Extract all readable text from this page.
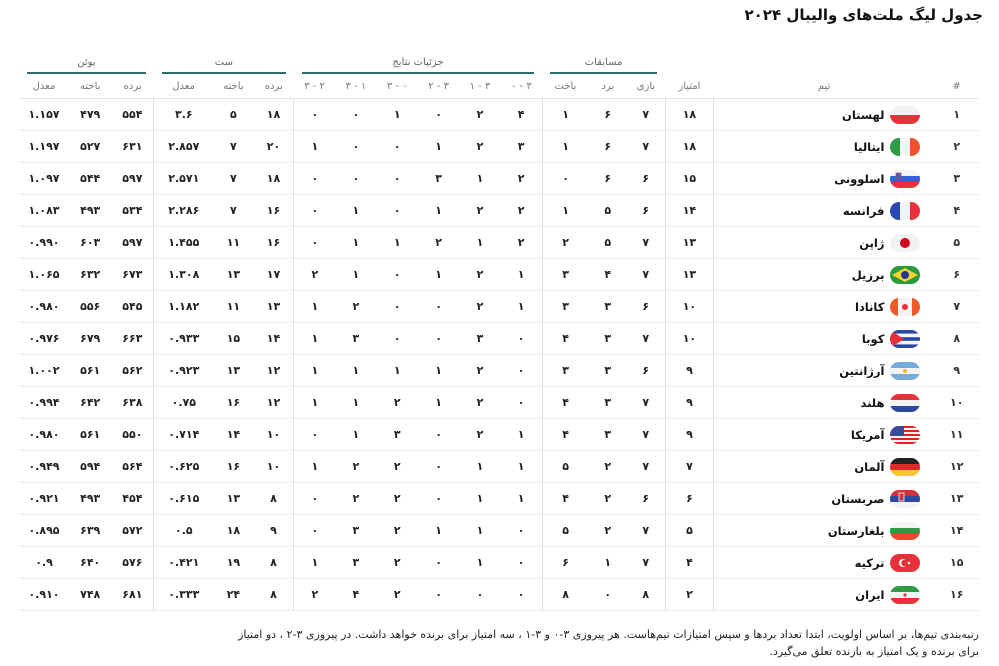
جدول لیگ ملت‌های والیبال ۲۰۲۴

			مسابقات			جزئیات نتایج						ست			پوئن		

#	تیم	امتیاز	بازی	برد	باخت	۰ - ۳	۱ - ۳	۲ - ۳	۳ - ۰	۳ - ۱	۳ - ۲	برده	باخته	معدل	برده	باخته	معدل
۱	لهستان	۱۸	۷	۶	۱	۴	۲	۰	۱	۰	۰	۱۸	۵	۳.۶	۵۵۴	۴۷۹	۱.۱۵۷
۲	ایتالیا	۱۸	۷	۶	۱	۳	۲	۱	۰	۰	۱	۲۰	۷	۲.۸۵۷	۶۳۱	۵۲۷	۱.۱۹۷
۳	اسلوونی	۱۵	۶	۶	۰	۲	۱	۳	۰	۰	۰	۱۸	۷	۲.۵۷۱	۵۹۷	۵۴۴	۱.۰۹۷
۴	فرانسه	۱۴	۶	۵	۱	۲	۲	۱	۰	۱	۰	۱۶	۷	۲.۲۸۶	۵۳۴	۴۹۳	۱.۰۸۳
۵	ژاپن	۱۳	۷	۵	۲	۲	۱	۲	۱	۱	۰	۱۶	۱۱	۱.۴۵۵	۵۹۷	۶۰۳	۰.۹۹۰
۶	برزیل	۱۳	۷	۴	۳	۱	۲	۱	۰	۱	۲	۱۷	۱۳	۱.۳۰۸	۶۷۳	۶۳۲	۱.۰۶۵
۷	کانادا	۱۰	۶	۳	۳	۱	۲	۰	۰	۲	۱	۱۳	۱۱	۱.۱۸۲	۵۴۵	۵۵۶	۰.۹۸۰
۸	کوبا	۱۰	۷	۳	۴	۰	۳	۰	۰	۳	۱	۱۴	۱۵	۰.۹۳۳	۶۶۳	۶۷۹	۰.۹۷۶
۹	آرژانتین	۹	۶	۳	۳	۰	۲	۱	۱	۱	۱	۱۲	۱۳	۰.۹۲۳	۵۶۲	۵۶۱	۱.۰۰۲
۱۰	هلند	۹	۷	۳	۴	۰	۲	۱	۲	۱	۱	۱۲	۱۶	۰.۷۵	۶۳۸	۶۴۲	۰.۹۹۴
۱۱	آمریکا	۹	۷	۳	۴	۱	۲	۰	۳	۱	۰	۱۰	۱۴	۰.۷۱۴	۵۵۰	۵۶۱	۰.۹۸۰
۱۲	آلمان	۷	۷	۲	۵	۱	۱	۰	۲	۲	۱	۱۰	۱۶	۰.۶۲۵	۵۶۴	۵۹۴	۰.۹۴۹
۱۳	صربستان	۶	۶	۲	۴	۱	۱	۰	۲	۲	۰	۸	۱۳	۰.۶۱۵	۴۵۴	۴۹۳	۰.۹۲۱
۱۴	بلغارستان	۵	۷	۲	۵	۰	۱	۱	۲	۳	۰	۹	۱۸	۰.۵	۵۷۲	۶۳۹	۰.۸۹۵
۱۵	ترکیه	۴	۷	۱	۶	۰	۱	۰	۲	۳	۱	۸	۱۹	۰.۴۲۱	۵۷۶	۶۴۰	۰.۹
۱۶	ایران	۲	۸	۰	۸	۰	۰	۰	۲	۴	۲	۸	۲۴	۰.۳۳۳	۶۸۱	۷۴۸	۰.۹۱۰
رتبه‌بندی تیم‌ها، بر اساس اولویت، ابتدا تعداد بردها و سپس امتیازات تیم‌هاست. هر پیروزی ۳-۰ و ۳-۱ ، سه امتیاز برای برنده خواهد داشت. در پیروزی ۳-۲ ، دو امتیاز
برای برنده و یک امتیاز به بازنده تعلق می‌گیرد.
